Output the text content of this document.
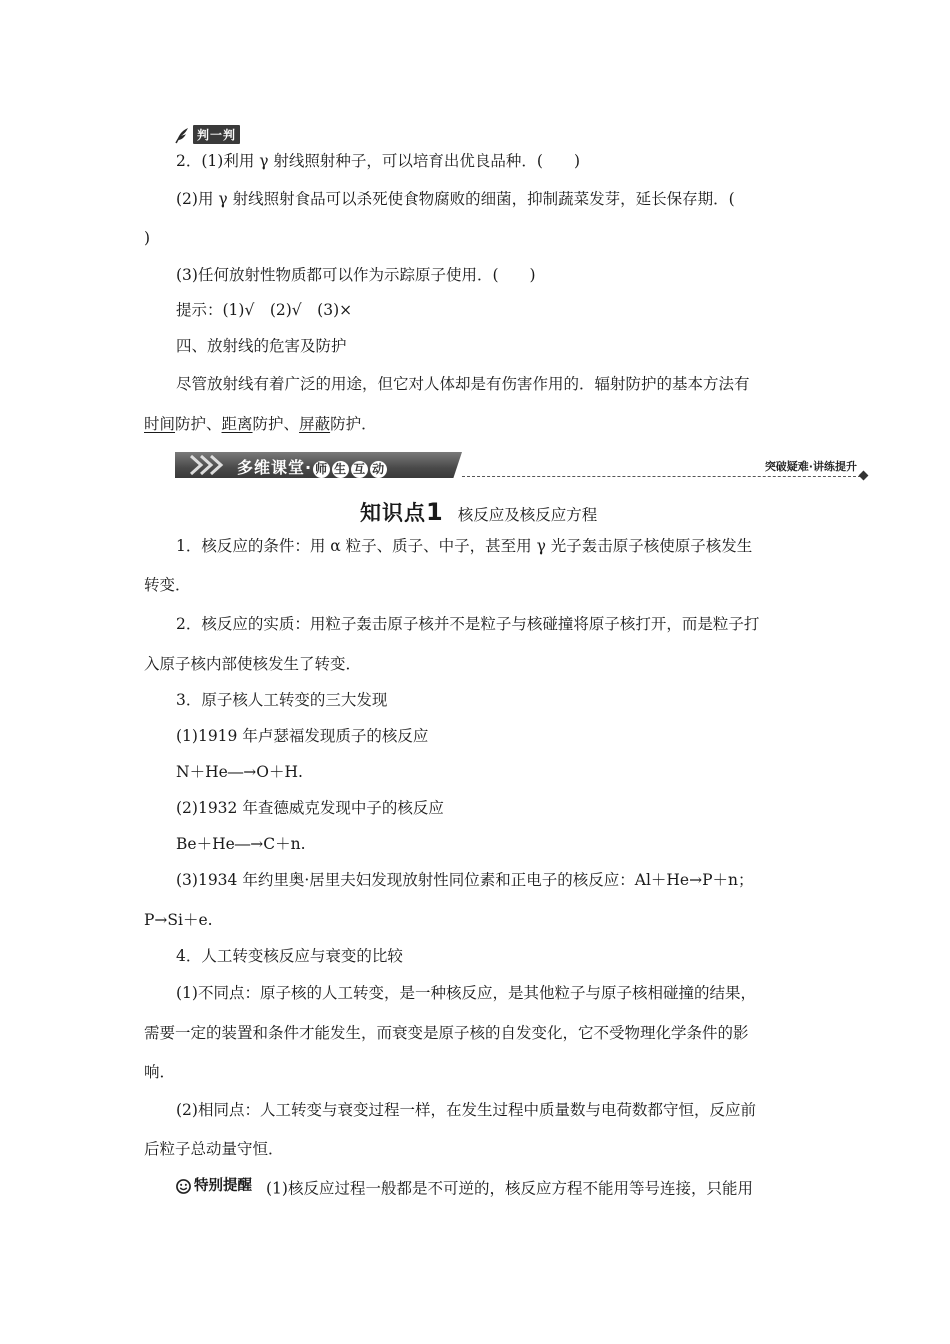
判一判
2．(1)利用 γ 射线照射种子，可以培育出优良品种．(　　)
(2)用 γ 射线照射食品可以杀死使食物腐败的细菌，抑制蔬菜发芽，延长保存期．(
)
(3)任何放射性物质都可以作为示踪原子使用．(　　)
提示：(1)√　(2)√　(3)×
四、放射线的危害及防护
尽管放射线有着广泛的用途，但它对人体却是有伤害作用的．辐射防护的基本方法有
时间防护、距离防护、屏蔽防护．
多维课堂· 师 生 互 动	突破疑难·讲练提升
知识点1 核反应及核反应方程
1．核反应的条件：用 α 粒子、质子、中子，甚至用 γ 光子轰击原子核使原子核发生
转变．
2．核反应的实质：用粒子轰击原子核并不是粒子与核碰撞将原子核打开，而是粒子打
入原子核内部使核发生了转变．
3．原子核人工转变的三大发现
(1)1919 年卢瑟福发现质子的核反应
N＋He―→O＋H.
(2)1932 年查德威克发现中子的核反应
Be＋He―→C＋n.
(3)1934 年约里奥·居里夫妇发现放射性同位素和正电子的核反应：Al＋He→P＋n；
P→Si＋e.
4．人工转变核反应与衰变的比较
(1)不同点：原子核的人工转变，是一种核反应，是其他粒子与原子核相碰撞的结果，
需要一定的装置和条件才能发生，而衰变是原子核的自发变化，它不受物理化学条件的影
响．
(2)相同点：人工转变与衰变过程一样，在发生过程中质量数与电荷数都守恒，反应前
后粒子总动量守恒．
特别提醒 (1)核反应过程一般都是不可逆的，核反应方程不能用等号连接，只能用
